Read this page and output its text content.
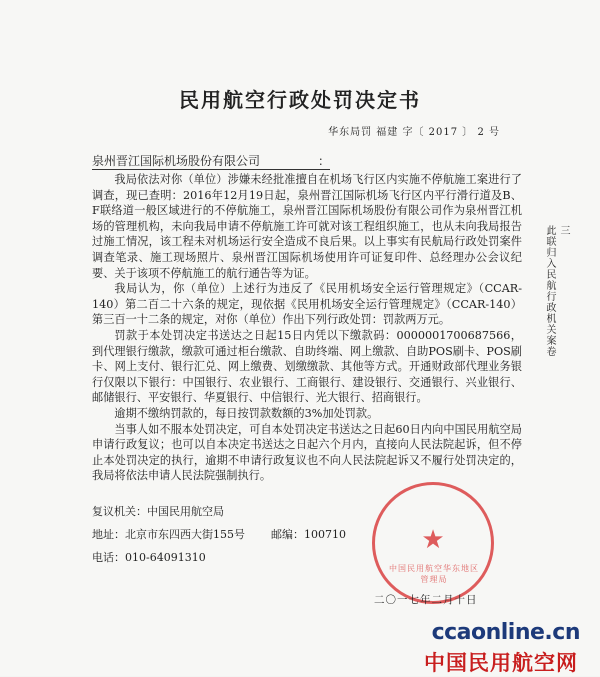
民用航空行政处罚决定书
华东局罚 福建 字〔 2017 〕 2 号
泉州晋江国际机场股份有限公司	：

我局依法对你（单位）涉嫌未经批准擅自在机场飞行区内实施不停航施工案进行了调查，现已查明：2016年12月19日起，泉州晋江国际机场飞行区内平行滑行道及B、F联络道一般区域进行的不停航施工，泉州晋江国际机场股份有限公司作为泉州晋江机场的管理机构，未向我局申请不停航施工许可就对该工程组织施工，也从未向我局报告过施工情况，该工程未对机场运行安全造成不良后果。以上事实有民航局行政处罚案件调查笔录、施工现场照片、泉州晋江国际机场使用许可证复印件、总经理办公会议纪要、关于该项不停航施工的航行通告等为证。

我局认为，你（单位）上述行为违反了《民用机场安全运行管理规定》（CCAR-140）第二百二十六条的规定，现依据《民用机场安全运行管理规定》（CCAR-140）第三百一十二条的规定，对你（单位）作出下列行政处罚：罚款两万元。

罚款于本处罚决定书送达之日起15日内凭以下缴款码：0000001700687566，到代理银行缴款，缴款可通过柜台缴款、自助终端、网上缴款、自助POS刷卡、POS刷卡、网上支付、银行汇兑、网上缴费、划缴缴款、其他等方式。开通财政部代理业务银行仅限以下银行：中国银行、农业银行、工商银行、建设银行、交通银行、兴业银行、邮储银行、平安银行、华夏银行、中信银行、光大银行、招商银行。

逾期不缴纳罚款的，每日按罚款数额的3%加处罚款。

当事人如不服本处罚决定，可自本处罚决定书送达之日起60日内向中国民用航空局申请行政复议；也可以自本决定书送达之日起六个月内，直接向人民法院起诉，但不停止本处罚决定的执行，逾期不申请行政复议也不向人民法院起诉又不履行处罚决定的，我局将依法申请人民法院强制执行。

三
此联归入民航行政机关案卷
复议机关：中国民用航空局
地址：北京市东四西大街155号 邮编：100710
电话：010-64091310
★
中国民用航空华东地区管理局
二〇一七年二月十日
ccaonline.cn
中国民用航空网
